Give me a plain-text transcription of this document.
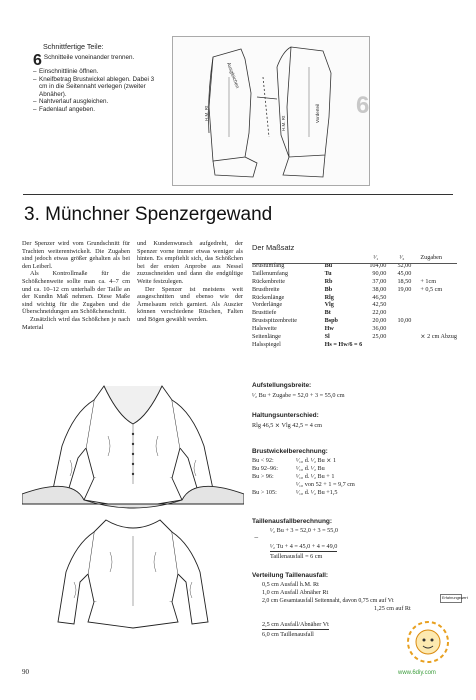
Schnittfertige Teile:
6 Schnitteile voneinander trennen.
– Einschnittlinie öffnen.
– Kneifbetrag Brustwickel ablegen. Dabei 3 cm in die Seitennaht verlegen (zweiter Abnäher).
– Nahtverlauf ausgleichen.
– Fadenlauf angeben.
Ausgleichen
H.M. Rt
H.M. Rt
Vorderteil 6
3. Münchner Spenzergewand

Der Spenzer wird vom Grundschnitt für Trachten weiterentwickelt. Die Zugaben sind jedoch etwas größer gehalten als bei den Leiberl.

Als Kontrollmaße für die Schößchenweite sollte man ca. 4–7 cm und ca. 10–12 cm unterhalb der Taille an der Kundin Maß nehmen. Diese Maße sind wichtig für die Zugaben und die Überschneidungen am Schößchenschnitt.

Zusätzlich wird das Schößchen je nach Material

und Kundenwunsch aufgedreht, der Spenzer vorne immer etwas weniger als hinten. Es empfiehlt sich, das Schößchen bei der ersten Anprobe aus Nessel zuzuschneiden und dann die endgültige Weite festzulegen.

Der Spenzer ist meistens weit ausgeschnitten und ebenso wie der Ärmelsaum reich garniert. Als Auszier können verschiedene Rüschen, Falten und Bögen gewählt werden.

Der Maßsatz
		¹⁄₁	¹⁄₂	Zugaben
Brustumfang	Bu	104,00	52,00	
Taillenumfang	Tu	90,00	45,00	
Rückenbreite	Rb	37,00	18,50	+ 1cm
Brustbreite	Bb	38,00	19,00	+ 0,5 cm
Rückenlänge	Rlg	46,50		
Vorderlänge	Vlg	42,50		
Brusttiefe	Bt	22,00		
Brustspitzenbreite	Bspb	20,00	10,00	
Halsweite	Hw	36,00		
Seitenlänge	Sl	25,00		⨯ 2 cm Abzug
Halsspiegel	Hs = Hw/6 = 6			
Aufstellungsbreite:
¹⁄₂ Bu + Zugabe = 52,0 + 3 = 55,0 cm
Haltungsunterschied:
Rlg 46,5 ⨯ Vlg 42,5 = 4 cm
Brustwickelberechnung:
Bu < 92:	¹⁄₁₀ d. ¹⁄₂ Bu ⨯ 1
Bu 92–96:	¹⁄₁₀ d. ¹⁄₂ Bu
Bu > 96:	¹⁄₁₀ d. ¹⁄₂ Bu + 1
¹⁄₁₀ von 52 + 1 = 9,7 cm
Bu > 105:	¹⁄₁₀ d. ¹⁄₂ Bu +1,5
Taillenausfallberechnung:
−
¹⁄₂ Bu + 3 = 52,0 + 3 = 55,0
¹⁄₂ Tu + 4 = 45,0 + 4 = 49,0
Taillenausfall = 6 cm
Verteilung Taillenausfall:
0,5 cm Ausfall h.M. Rt
1,0 cm Ausfall Abnäher Rt
2,0 cm Gesamtausfall Seitennaht, davon 0,75 cm auf Vt
1,25 cm auf Rt
2,5 cm Ausfall/Abnäher Vt
6,0 cm Taillenausfall
Erfahrungswert
90	www.6diy.com
